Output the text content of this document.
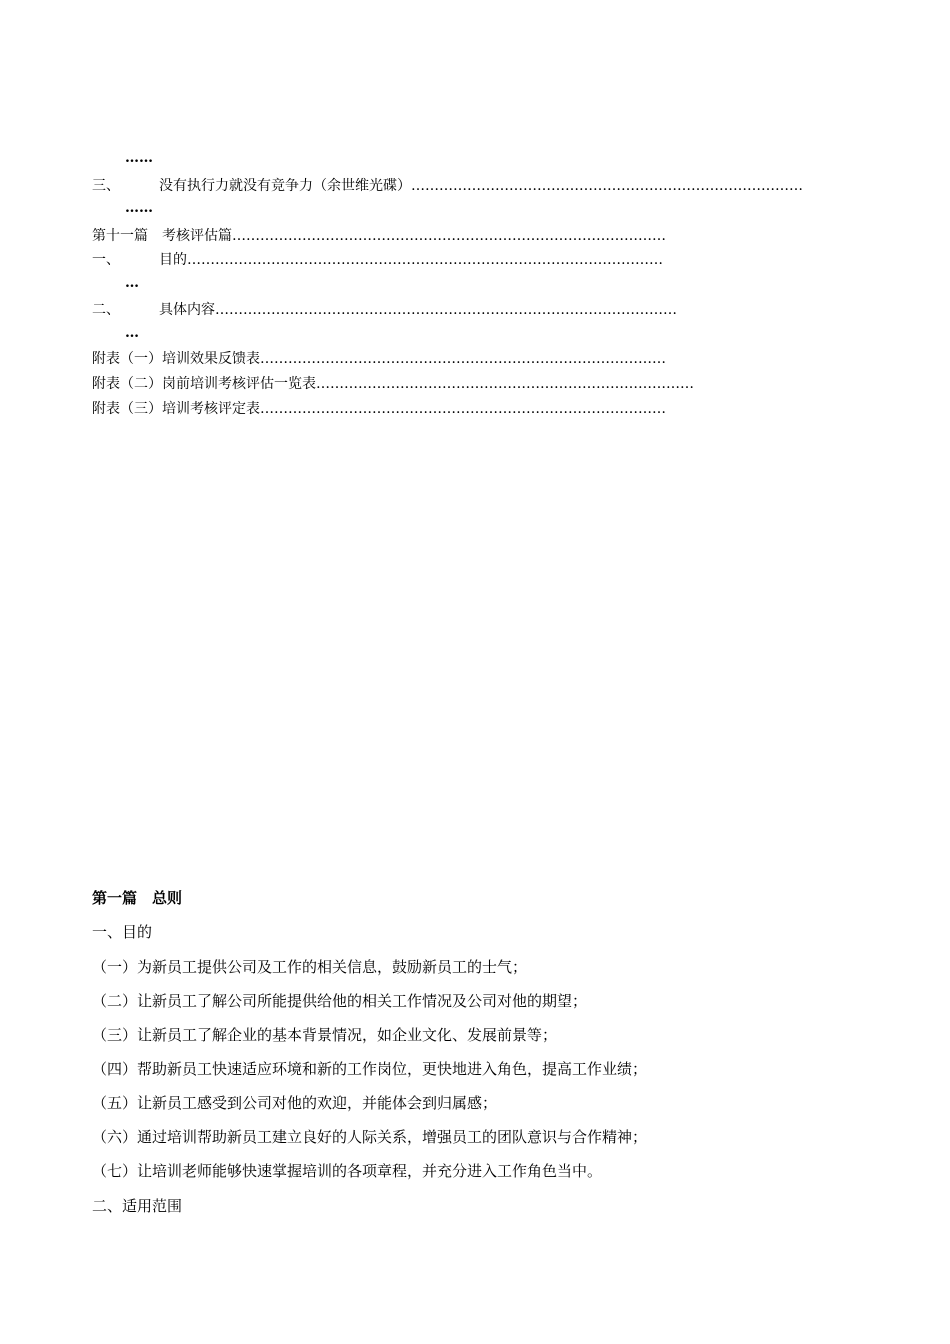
……
三、	没有执行力就没有竞争力（余世维光碟）…………………………………………………………………………
……
第十一篇　考核评估篇…………………………………………………………………………………
一、	目的…………………………………………………………………………………………
…
二、	具体内容………………………………………………………………………………………
…
附表（一）培训效果反馈表……………………………………………………………………………
附表（二）岗前培训考核评估一览表………………………………………………………………………
附表（三）培训考核评定表……………………………………………………………………………
第一篇　总则
一、目的
（一）为新员工提供公司及工作的相关信息，鼓励新员工的士气；
（二）让新员工了解公司所能提供给他的相关工作情况及公司对他的期望；
（三）让新员工了解企业的基本背景情况，如企业文化、发展前景等；
（四）帮助新员工快速适应环境和新的工作岗位，更快地进入角色，提高工作业绩；
（五）让新员工感受到公司对他的欢迎，并能体会到归属感；
（六）通过培训帮助新员工建立良好的人际关系，增强员工的团队意识与合作精神；
（七）让培训老师能够快速掌握培训的各项章程，并充分进入工作角色当中。
二、适用范围
